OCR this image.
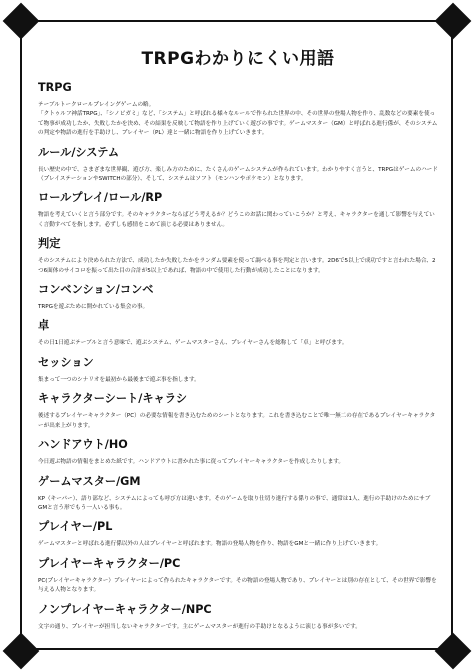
TRPGわかりにくい用語
TRPG

テーブルトークロールプレイングゲームの略。
「クトゥルフ神話TRPG」、「シノビガミ」など、「システム」と呼ばれる様々なルールで作られた世界の中、その世界の登場人物を作り、乱数などの要素を使って物事が成功したか、失敗したかを決め、その結果を反映して物語を作り上げていく遊びの事です。ゲームマスター（GM）と呼ばれる進行係が、そのシステムの判定や物語の進行を手助けし、プレイヤー（PL）達と一緒に物語を作り上げていきます。

ルール/システム

長い歴史の中で、さまざまな世界観、遊び方、楽しみ方のために、たくさんのゲームシステムが作られています。わかりやすく言うと、TRPGはゲームのハード（プレイステーションやSWITCHの部分）、そして、システムはソフト（モンハンやポケモン）となります。

ロールプレイ/ロール/RP

物語を考えていくと言う部分です。そのキャラクターならばどう考えるか？どうこのお話に関わっていこうか？と考え、キャラクターを通して影響を与えていく言動すべてを指します。必ずしも感情をこめて演じる必要はありません。

判定

そのシステムにより決められた方法で、成功したか失敗したかをランダム要素を使って調べる事を判定と言います。2D6で5以上で成功ですと言われた場合、2つ6面体のサイコロを振って出た目の合計が5以上であれば、物語の中で使用した行動が成功したことになります。

コンベンション/コンベ

TRPGを遊ぶために開かれている集会の事。

卓

その日1日遊ぶテーブルと言う意味で、遊ぶシステム、ゲームマスターさん、プレイヤーさんを総称して「卓」と呼びます。

セッション

集まって一つのシナリオを最初から最後まで遊ぶ事を指します。

キャラクターシート/キャラシ

後述するプレイヤーキャラクター（PC）の必要な情報を書き込むためのシートとなります。これを書き込むことで唯一無二の存在であるプレイヤーキャラクターが出来上がります。

ハンドアウト/HO

今日遊ぶ物語の情報をまとめた紙です。ハンドアウトに書かれた事に従ってプレイヤーキャラクターを作成したりします。

ゲームマスター/GM

KP（キーパー）、語り部など、システムによっても呼び方は違います。そのゲームを取り仕切り進行する係りの事で、通常は1人、進行の手助けのためにサブGMと言う形でもう一人いる事も。

プレイヤー/PL

ゲームマスターと呼ばれる進行係以外の人はプレイヤーと呼ばれます。物語の登場人物を作り、物語をGMと一緒に作り上げていきます。

プレイヤーキャラクター/PC

PC(プレイヤーキャラクター）プレイヤーによって作られたキャラクターです。その物語の登場人物であり、プレイヤーとは別の存在として、その世界で影響を与える人物となります。

ノンプレイヤーキャラクター/NPC

文字の通り、プレイヤーが担当しないキャラクターです。主にゲームマスターが進行の手助けとなるように演じる事が多いです。
